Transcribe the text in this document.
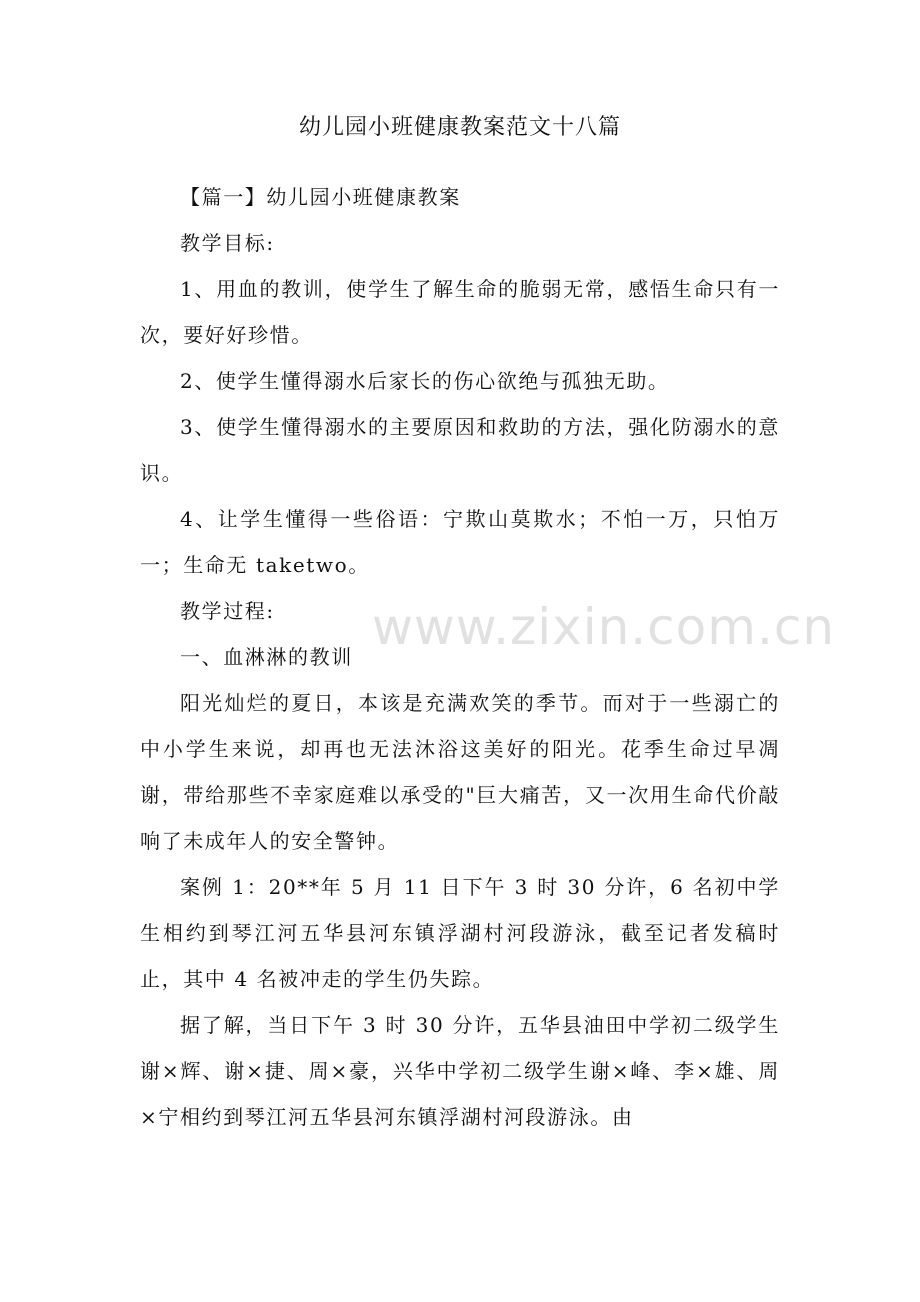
幼儿园小班健康教案范文十八篇

【篇一】幼儿园小班健康教案

教学目标:

1、用血的教训，使学生了解生命的脆弱无常，感悟生命只有一次，要好好珍惜。

2、使学生懂得溺水后家长的伤心欲绝与孤独无助。

3、使学生懂得溺水的主要原因和救助的方法，强化防溺水的意识。

4、让学生懂得一些俗语：宁欺山莫欺水；不怕一万，只怕万一；生命无 taketwo。

教学过程:

一、血淋淋的教训

阳光灿烂的夏日，本该是充满欢笑的季节。而对于一些溺亡的中小学生来说，却再也无法沐浴这美好的阳光。花季生命过早凋谢，带给那些不幸家庭难以承受的"巨大痛苦，又一次用生命代价敲响了未成年人的安全警钟。

案例 1：20**年 5 月 11 日下午 3 时 30 分许，6 名初中学生相约到琴江河五华县河东镇浮湖村河段游泳，截至记者发稿时止，其中 4 名被冲走的学生仍失踪。

据了解，当日下午 3 时 30 分许，五华县油田中学初二级学生谢×辉、谢×捷、周×豪，兴华中学初二级学生谢×峰、李×雄、周×宁相约到琴江河五华县河东镇浮湖村河段游泳。由

www.zixin.com.cn
